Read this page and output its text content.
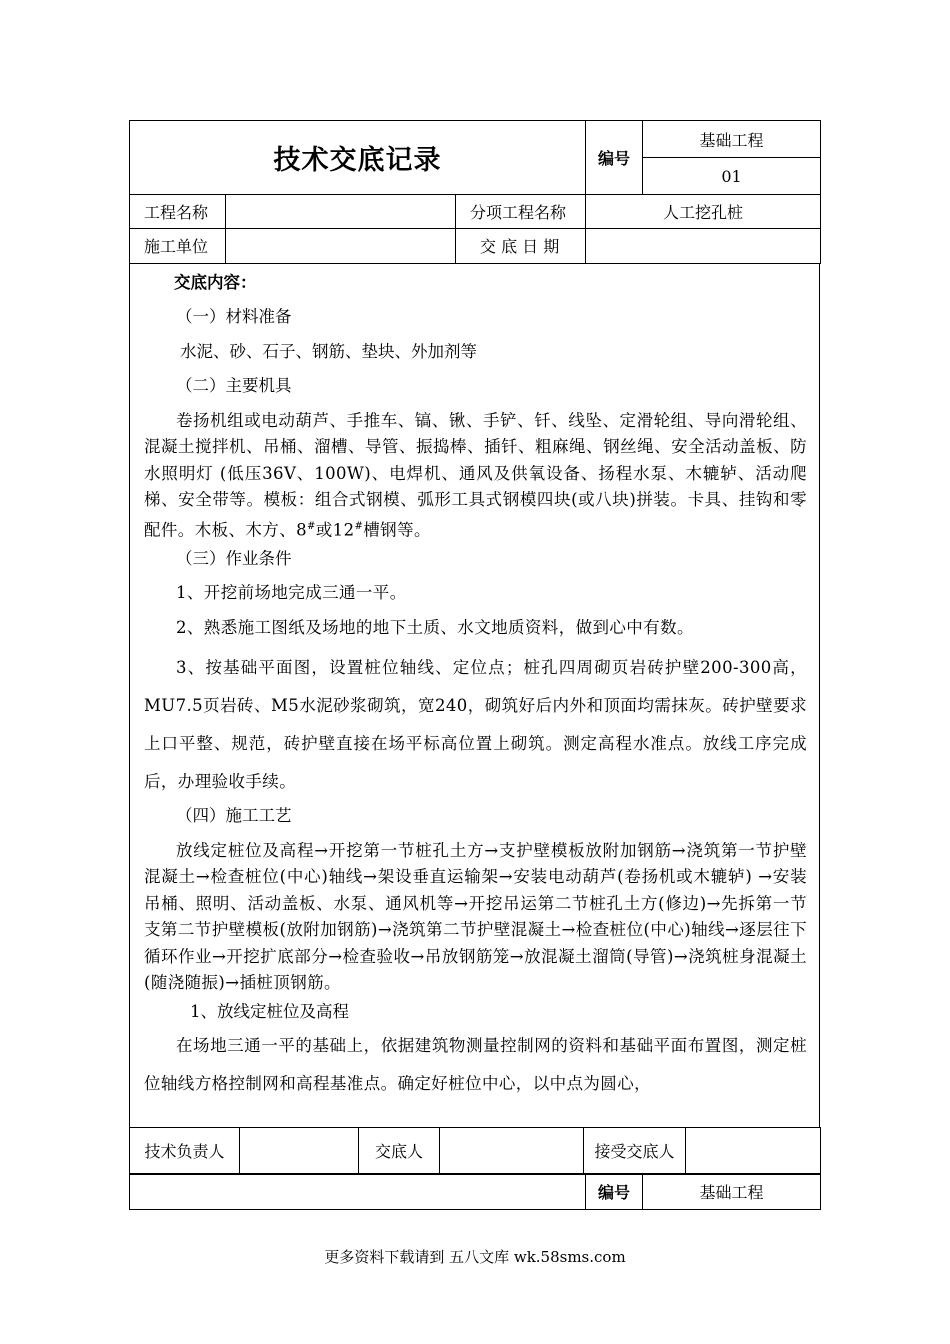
技术交底记录	编号	基础工程
01
工程名称		分项工程名称	人工挖孔桩
施工单位		交 底 日 期	

交底内容：

（一）材料准备

水泥、砂、石子、钢筋、垫块、外加剂等

（二）主要机具

卷扬机组或电动葫芦、手推车、镐、锹、手铲、钎、线坠、定滑轮组、导向滑轮组、混凝土搅拌机、吊桶、溜槽、导管、振捣棒、插钎、粗麻绳、钢丝绳、安全活动盖板、防水照明灯 (低压36V、100W)、电焊机、通风及供氧设备、扬程水泵、木辘轳、活动爬梯、安全带等。模板：组合式钢模、弧形工具式钢模四块(或八块)拼装。卡具、挂钩和零配件。木板、木方、8#或12#槽钢等。

（三）作业条件

1、开挖前场地完成三通一平。

2、熟悉施工图纸及场地的地下土质、水文地质资料，做到心中有数。

3、按基础平面图，设置桩位轴线、定位点；桩孔四周砌页岩砖护壁200-300高，MU7.5页岩砖、M5水泥砂浆砌筑，宽240，砌筑好后内外和顶面均需抹灰。砖护壁要求上口平整、规范，砖护壁直接在场平标高位置上砌筑。测定高程水准点。放线工序完成后，办理验收手续。

（四）施工工艺

放线定桩位及高程→开挖第一节桩孔土方→支护壁模板放附加钢筋→浇筑第一节护壁混凝土→检查桩位(中心)轴线→架设垂直运输架→安装电动葫芦(卷扬机或木辘轳) →安装吊桶、照明、活动盖板、水泵、通风机等→开挖吊运第二节桩孔土方(修边)→先拆第一节支第二节护壁模板(放附加钢筋)→浇筑第二节护壁混凝土→检查桩位(中心)轴线→逐层往下循环作业→开挖扩底部分→检查验收→吊放钢筋笼→放混凝土溜筒(导管)→浇筑桩身混凝土(随浇随振)→插桩顶钢筋。

1、放线定桩位及高程

在场地三通一平的基础上，依据建筑物测量控制网的资料和基础平面布置图，测定桩位轴线方格控制网和高程基准点。确定好桩位中心，以中点为圆心，

技术负责人		交底人		接受交底人	
	编号	基础工程
更多资料下载请到 五八文库 wk.58sms.com
